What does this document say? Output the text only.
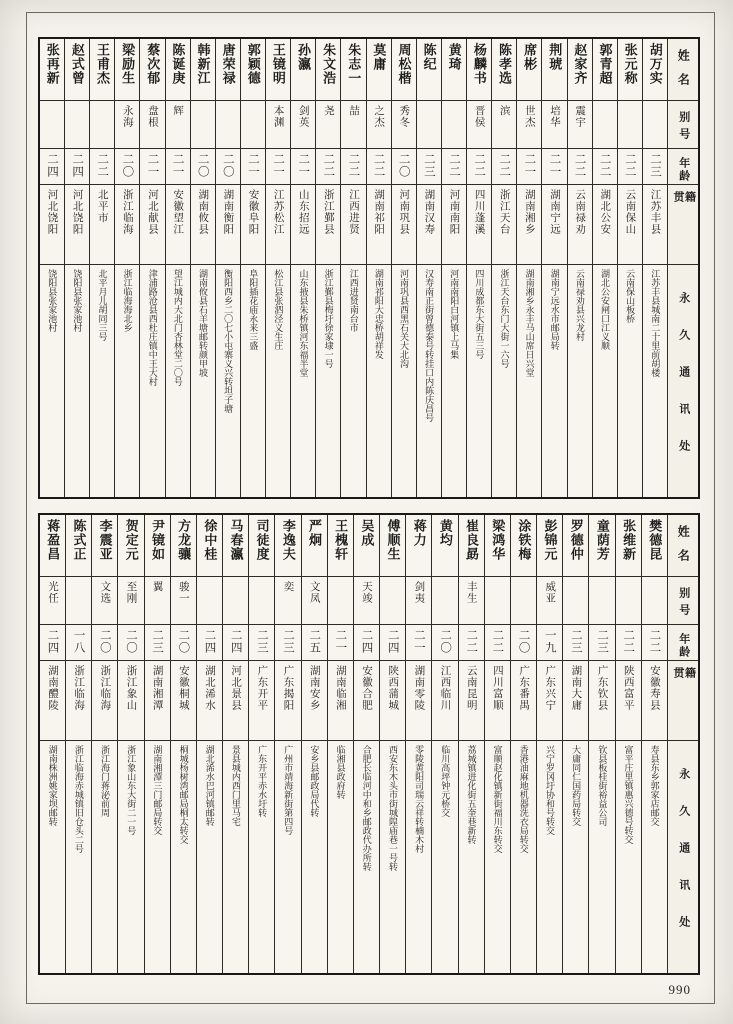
姓名
别号
年龄
籍贯
永久通讯处
胡万实
二三
江苏丰县
江苏丰县城南二十里前胡楼
张元称
二二
云南保山
云南保山板桥
郭青超
二二
湖北公安
湖北公安闸口江义顺
赵家齐
震宇
二二
云南禄劝
云南禄劝县兴龙村
荆琥
培华
二一
湖南宁远
湖南宁远水市邮局转
席彬
世杰
二一
湖南湘乡
湖南湘乡永丰马山席日兴堂
陈孝选
滨
二二
浙江天台
浙江天台东门大街一六号
杨麟书
晋侯
二二
四川蓬溪
四川成都东大街五三号
黄琦
二二
河南南阳
河南南阳白河镇上马集
陈纪
二三
湖南汉寿
汉寿南正街曾德泰号转挂口内陈庆昌号
周松楷
秀冬
二〇
河南巩县
河南巩县西黑石关大北沟
莫庸
之杰
二二
湖南祁阳
湖南祁阳大忠桥胡祥发
朱志一
喆
二二
江西进贤
江西进贤南台市
朱文浩
尧
二二
浙江鄞县
浙江鄞县梅圩徐家埭一号
孙瀛
剑英
二一
山东招远
山东掖县朱桥镇河东福半堂
王镜明
本渊
二一
江苏松江
松江县张泗泾义生庄
郭颖德
二一
安徽阜阳
阜阳插花庙永来三盛
唐荣禄
二〇
湖南衡阳
衡阳西乡二〇七小屯寨义兴转坦子塘
韩新江
二〇
湖南攸县
湖南攸县石羊塘邮转颜甲坡
陈诞庚
辉
二一
安徽望江
望江城内大北门杏林堂二〇号
蔡次郁
盘根
二一
河北献县
津浦路沧县西杜庄镇中王大村
梁励生
永海
二〇
浙江临海
浙江临海海北乡
王甫杰
二二
北平市
北平月儿胡同三号
赵式曾
二四
河北饶阳
饶阳县张家池村
张再新
二四
河北饶阳
饶阳县张家池村
姓名
别号
年龄
籍贯
永久通讯处
樊德昆
二二
安徽寿县
寿县东乡郭家店邮交
张维新
二二
陕西富平
富平庄里镇惠兴德号转交
童荫芳
二三
广东钦县
钦县板桂街裕益公司
罗德仲
二三
湖南大庸
大庸同仁国药局转交
彭锦元
威亚
一九
广东兴宁
兴宁罗冈圩协和号转交
涂铁梅
二〇
广东番禺
香港油麻地机器洗衣局转交
梁鸿华
二二
四川富顺
富顺赵化镇新街福川东转交
崔良勗
丰生
二二
云南昆明
荔城镇进化街五奎巷新转
黄均
二〇
江西临川
临川高坪钟元桥交
蒋力
剑夷
二一
湖南零陵
零陵黄阳司瑞云祥转楠木村
傅顺生
二四
陕西蒲城
西安东木头市街城隍庙巷一号转
吴成
天竣
二四
安徽合肥
合肥长临河中和乡邮政代办所转
王槐轩
二一
湖南临湘
临湘县政府转
严炯
文凤
二五
湖南安乡
安乡县邮政局代转
李逸夫
奕
二三
广东揭阳
广州市靖海新街第四号
司徒度
二三
广东开平
广东开平赤水圩转
马春瀛
二四
河北景县
景县城内西门里马宅
徐中桂
二四
湖北浠水
湖北浠水巴河镇邮转
方龙骧
骏一
二〇
安徽桐城
桐城杨树湾邮局桐太转交
尹镜如
翼
二三
湖南湘潭
湖南湘潭三门邮局转交
贺定元
至刚
二〇
浙江象山
浙江象山东大街二一号
李震亚
文选
二〇
浙江临海
浙江海门蒋泌前周
陈式正
一八
浙江临海
浙江临海赤城镇旧仓头二号
蒋盈昌
光任
二四
湖南醴陵
湖南株洲姚家坝邮转
990
